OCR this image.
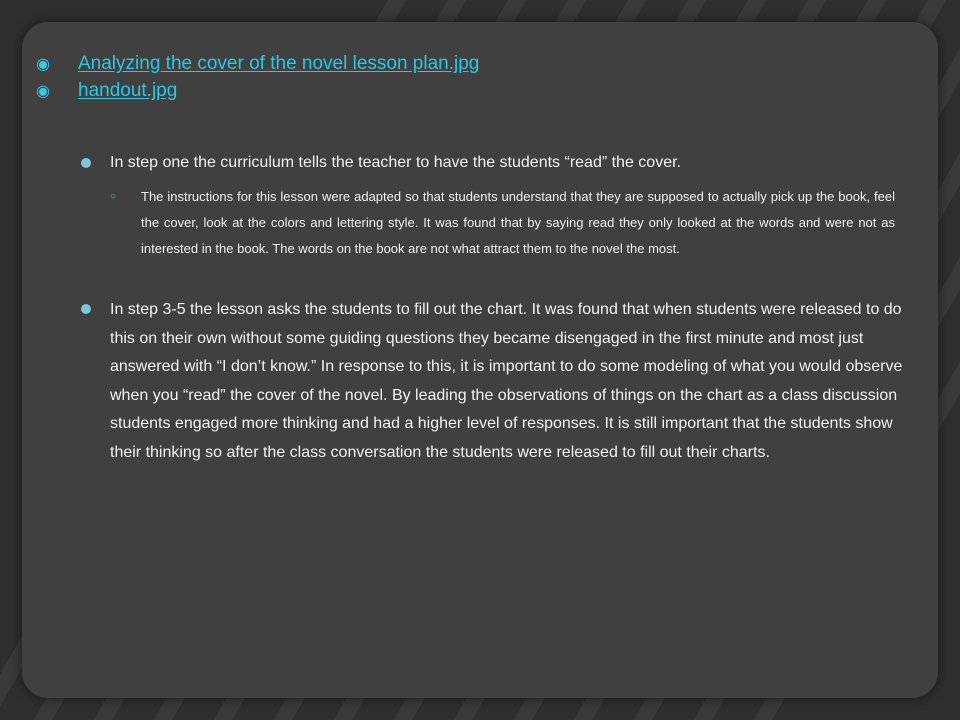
◉	Analyzing the cover of the novel lesson plan.jpg
◉	handout.jpg
In step one the curriculum tells the teacher to have the students “read” the cover.
○	The instructions for this lesson were adapted so that students understand that they are supposed to actually pick up the book, feel the cover, look at the colors and lettering style. It was found that by saying read they only looked at the words and were not as interested in the book. The words on the book are not what attract them to the novel the most.
In step 3-5 the lesson asks the students to fill out the chart. It was found that when students were released to do this on their own without some guiding questions they became disengaged in the first minute and most just answered with “I don’t know.” In response to this, it is important to do some modeling of what you would observe when you “read” the cover of the novel. By leading the observations of things on the chart as a class discussion students engaged more thinking and had a higher level of responses. It is still important that the students show their thinking so after the class conversation the students were released to fill out their charts.
